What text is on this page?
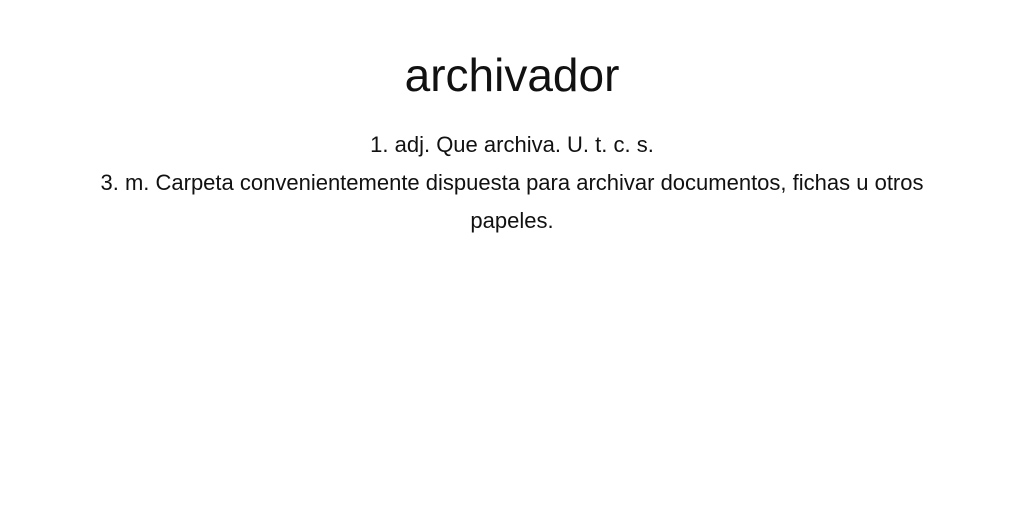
archivador

1. adj. Que archiva. U. t. c. s.

3. m. Carpeta convenientemente dispuesta para archivar documentos, fichas u otros papeles.
